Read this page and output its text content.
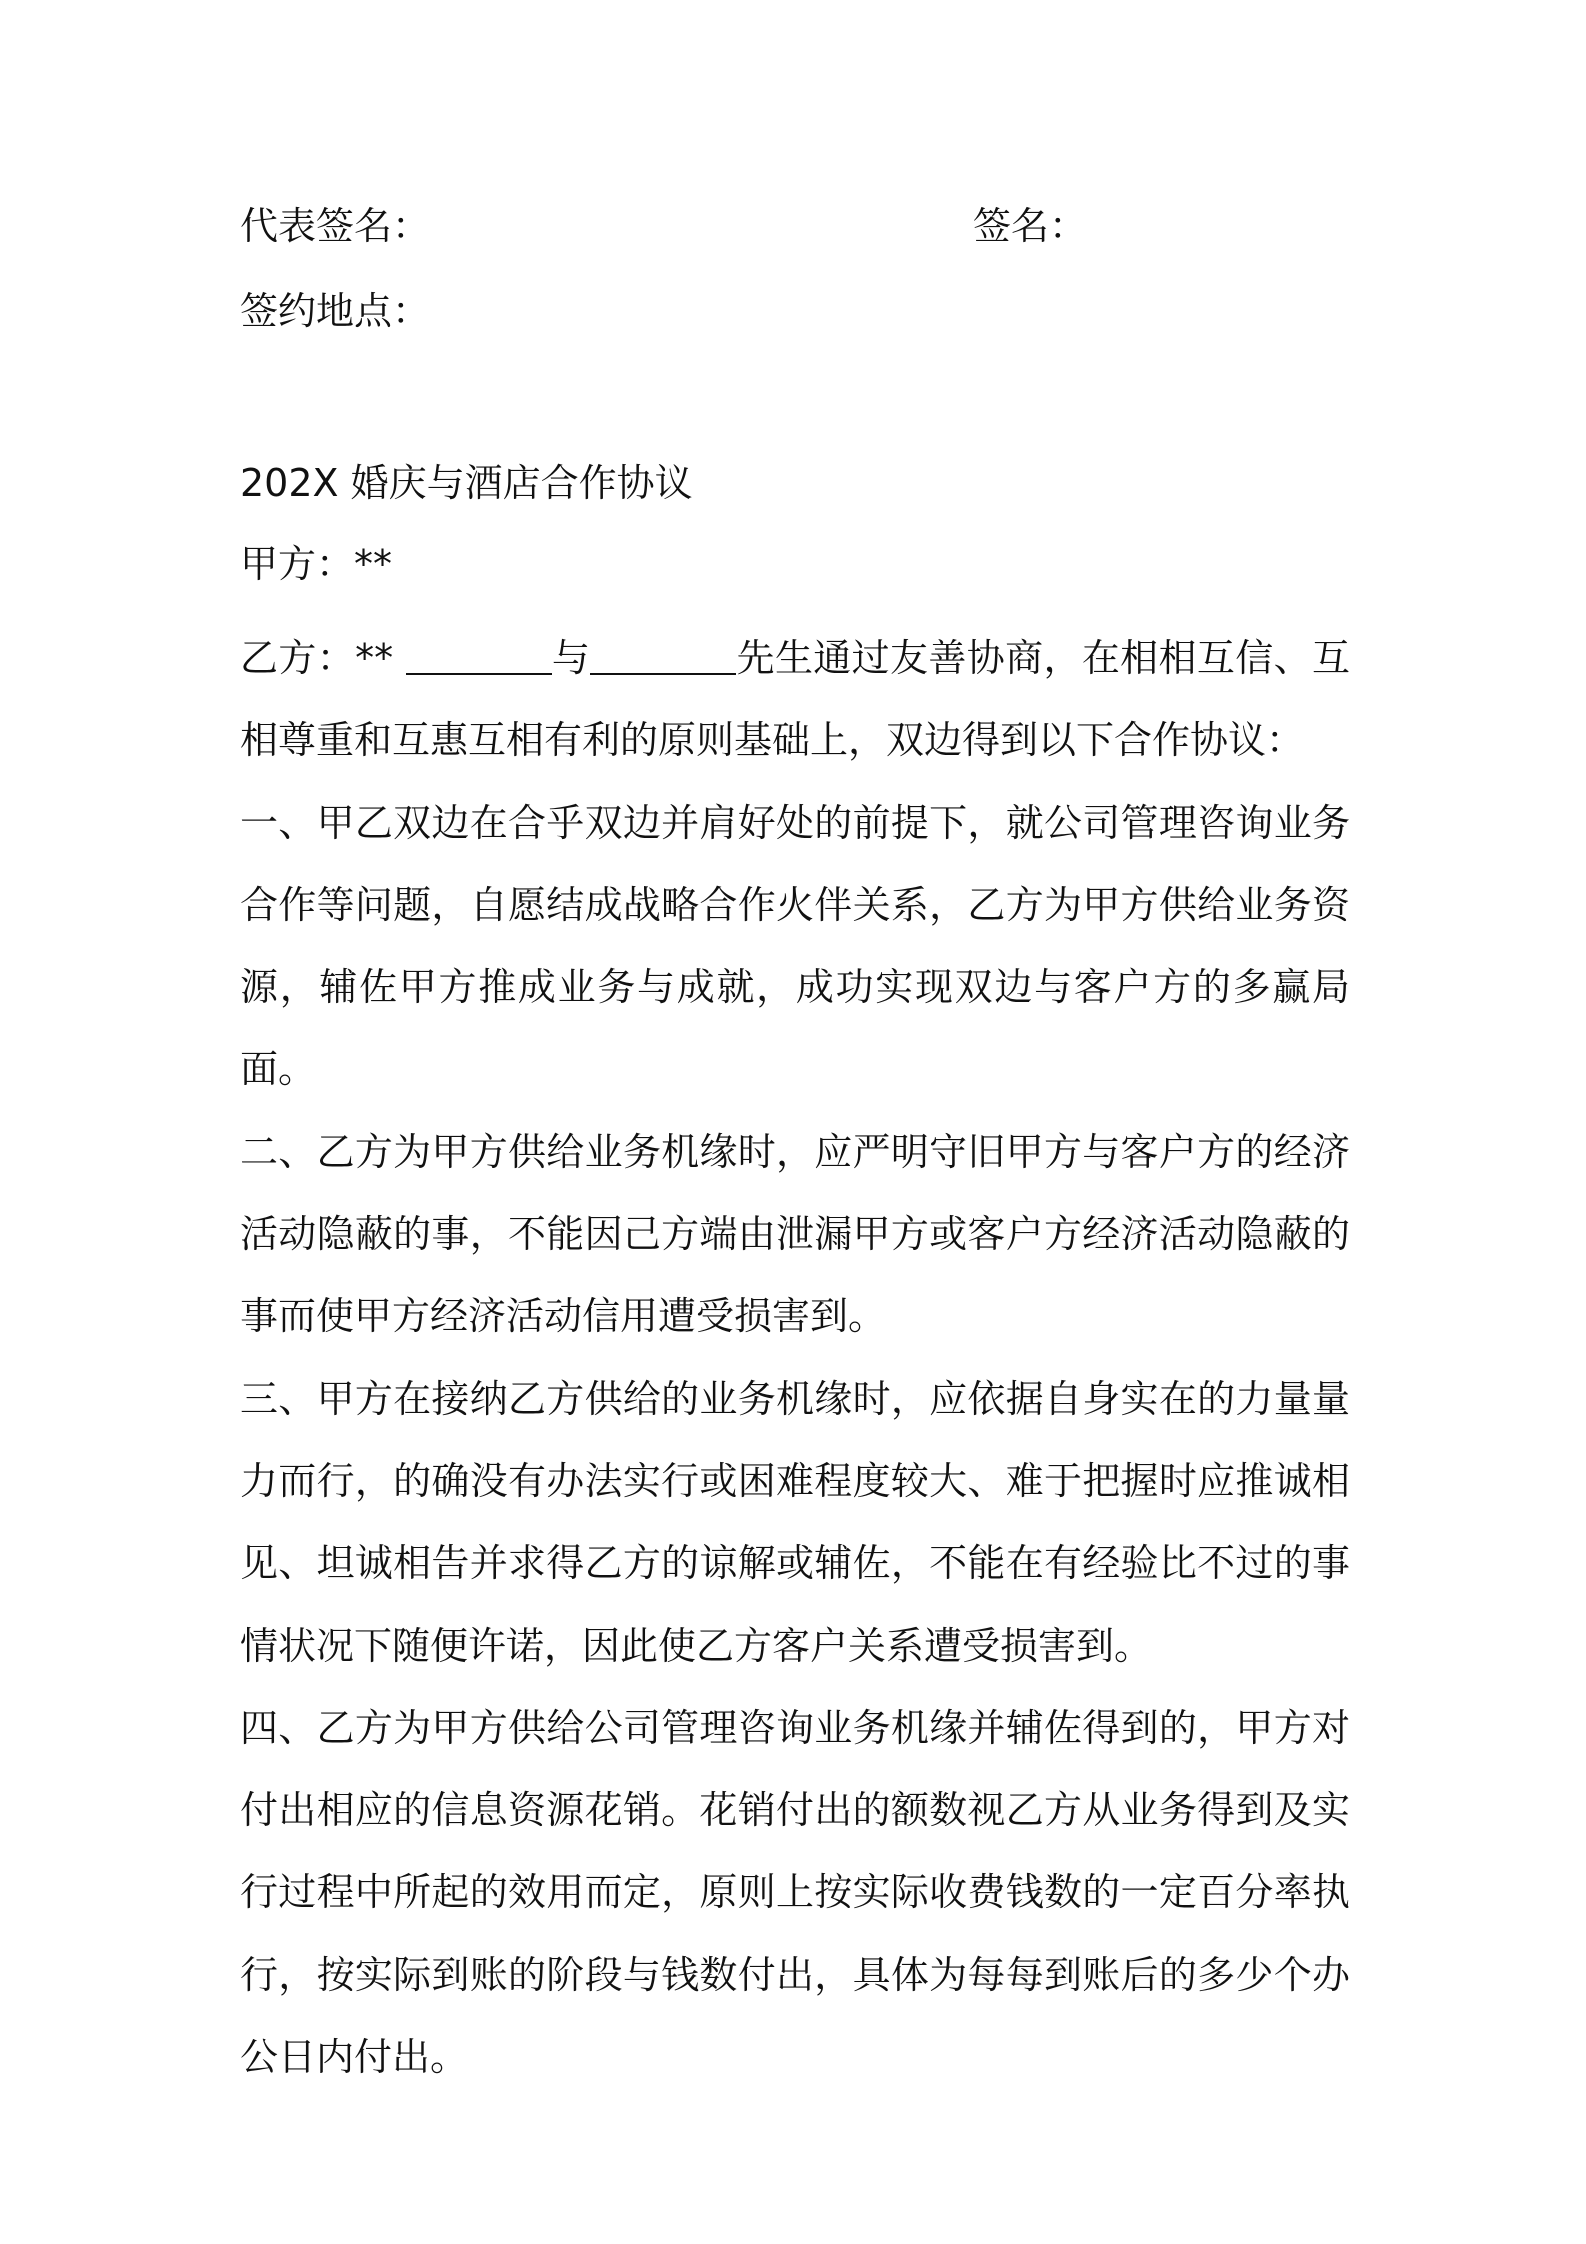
代表签名：	签名：
签约地点：
202X 婚庆与酒店合作协议
甲方：**

乙方：**	与	先生通过友善协商，在相相互信、互相尊重和互惠互相有利的原则基础上，双边得到以下合作协议：

一、甲乙双边在合乎双边并肩好处的前提下，就公司管理咨询业务合作等问题，自愿结成战略合作火伴关系，乙方为甲方供给业务资源，辅佐甲方推成业务与成就，成功实现双边与客户方的多赢局面。

二、乙方为甲方供给业务机缘时，应严明守旧甲方与客户方的经济活动隐蔽的事，不能因己方端由泄漏甲方或客户方经济活动隐蔽的事而使甲方经济活动信用遭受损害到。

三、甲方在接纳乙方供给的业务机缘时，应依据自身实在的力量量力而行，的确没有办法实行或困难程度较大、难于把握时应推诚相见、坦诚相告并求得乙方的谅解或辅佐，不能在有经验比不过的事情状况下随便许诺，因此使乙方客户关系遭受损害到。

四、乙方为甲方供给公司管理咨询业务机缘并辅佐得到的，甲方对付出相应的信息资源花销。花销付出的额数视乙方从业务得到及实行过程中所起的效用而定，原则上按实际收费钱数的一定百分率执行，按实际到账的阶段与钱数付出，具体为每每到账后的多少个办公日内付出。
